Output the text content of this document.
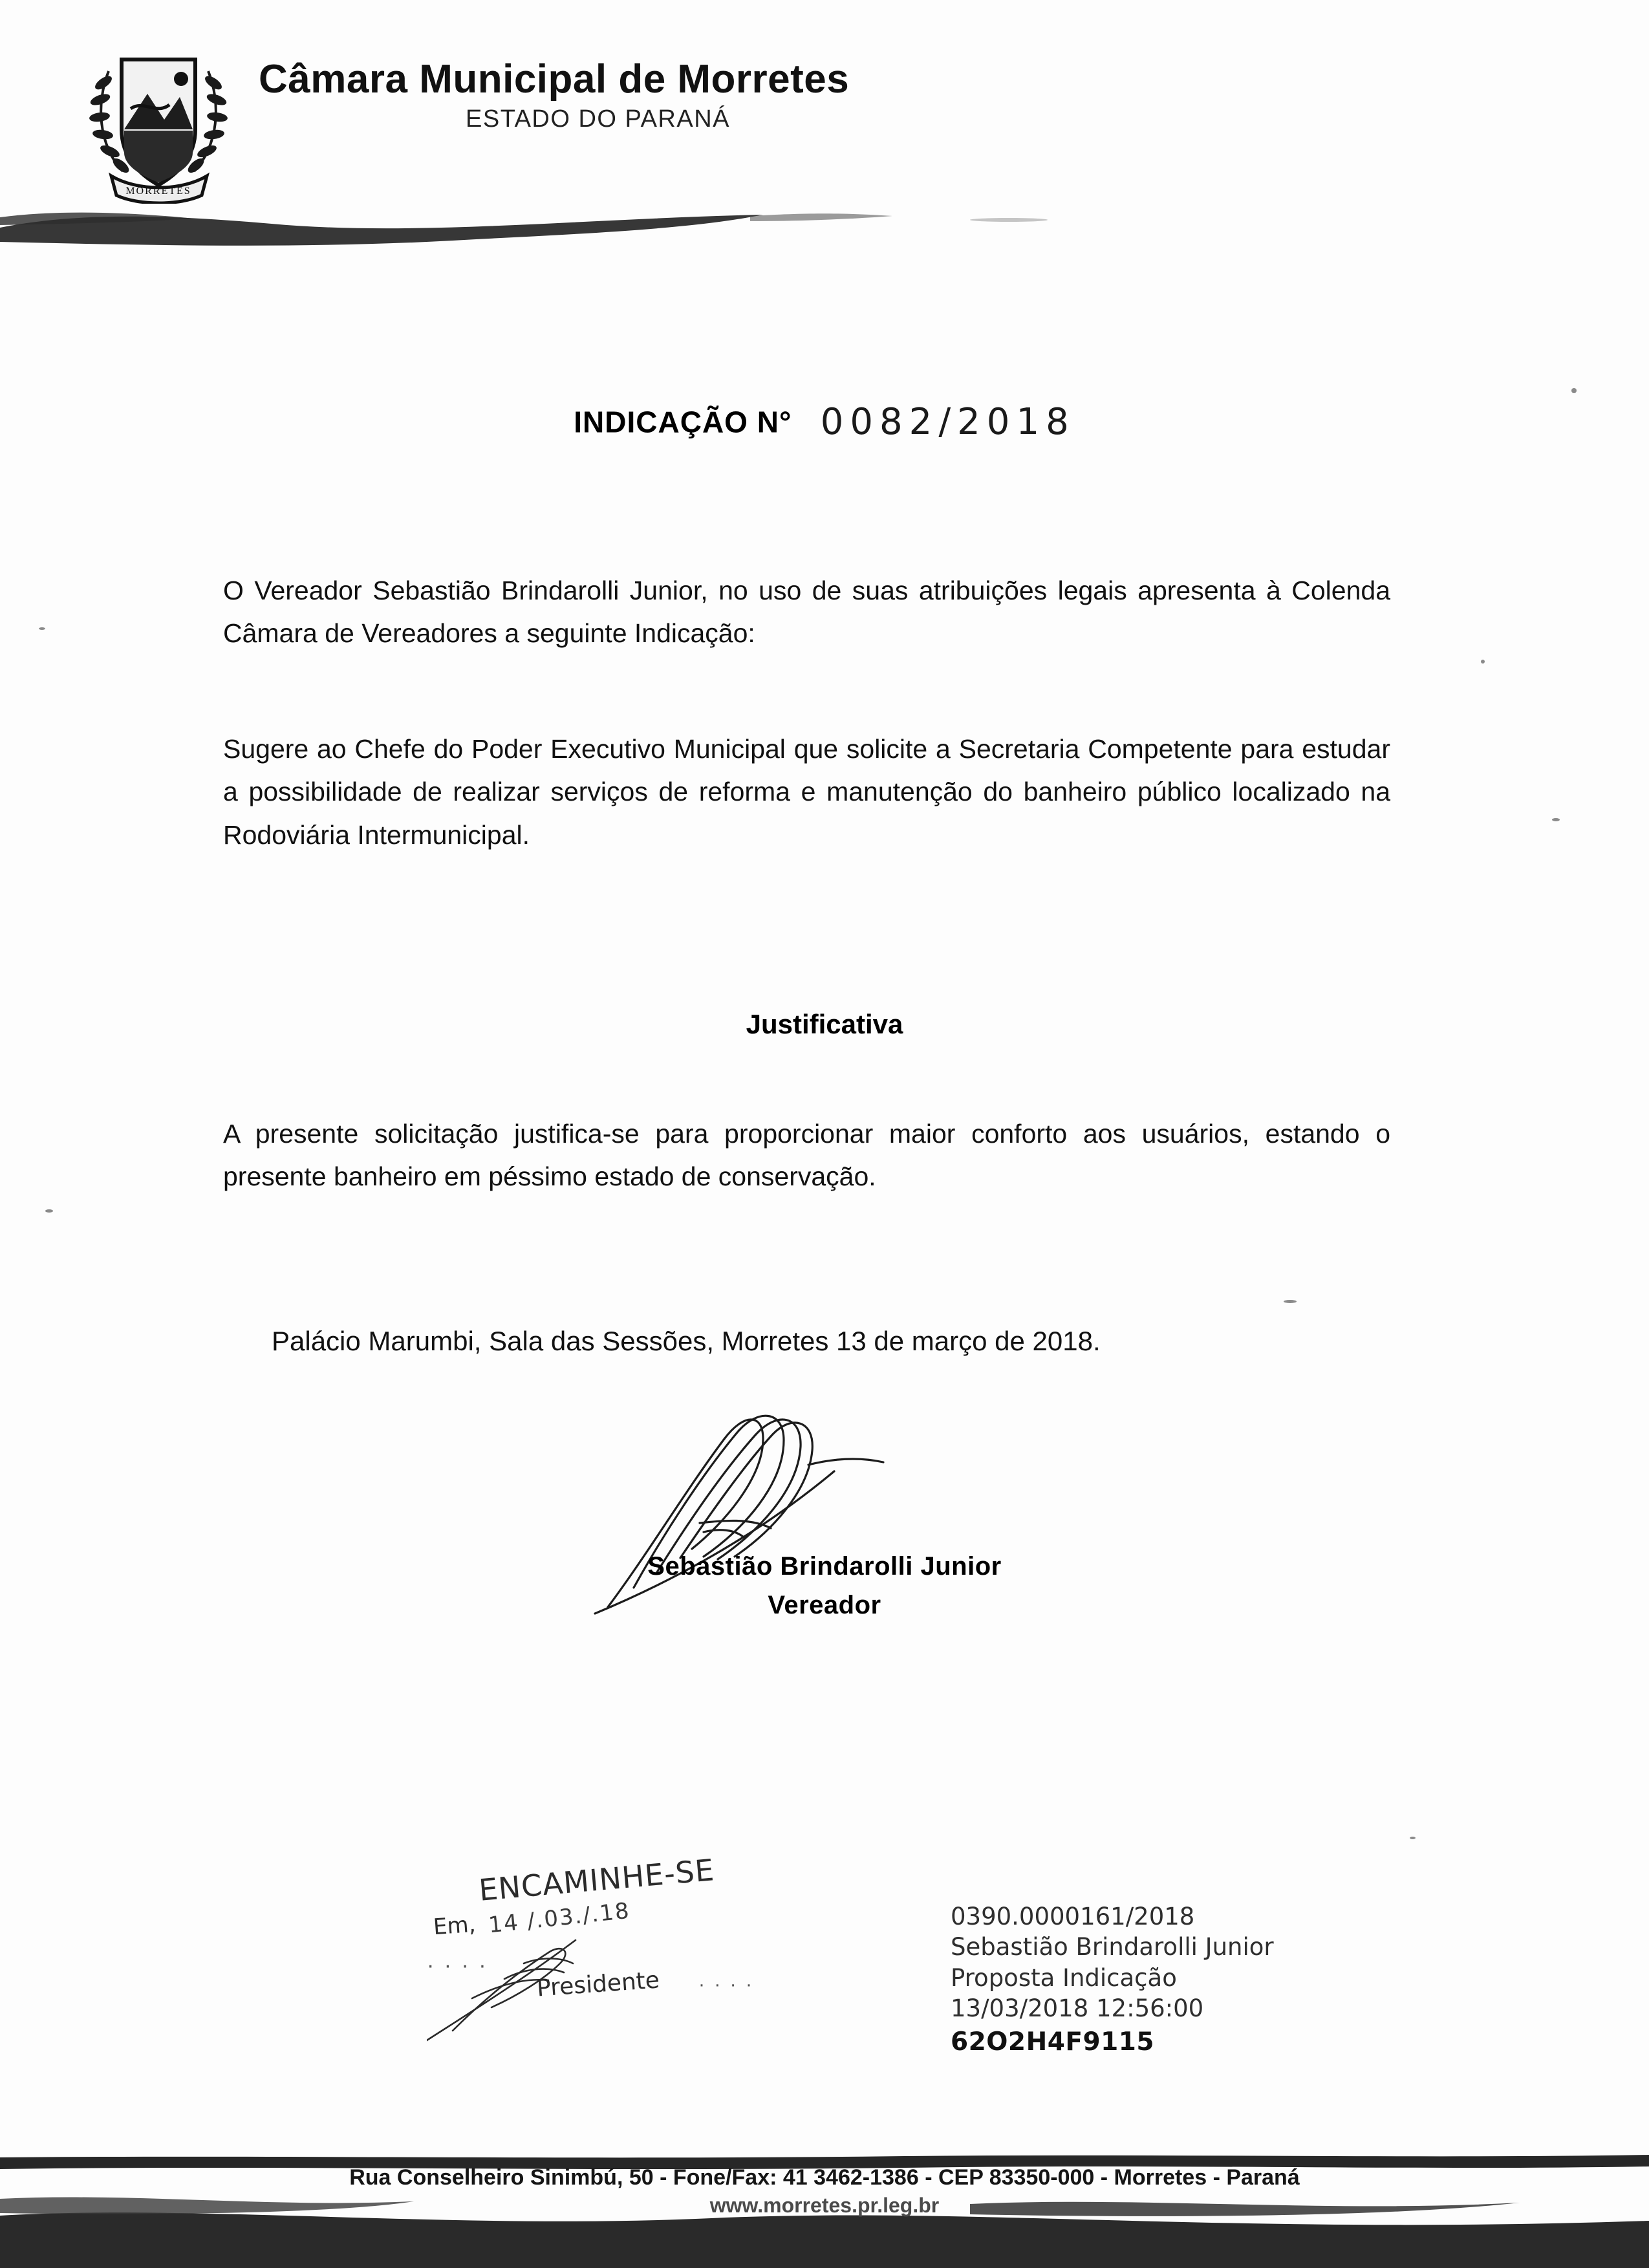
MORRETES
Câmara Municipal de Morretes
ESTADO DO PARANÁ
INDICAÇÃO N° 0082/2018
O Vereador Sebastião Brindarolli Junior, no uso de suas atribuições legais apresenta à Colenda Câmara de Vereadores a seguinte Indicação:
Sugere ao Chefe do Poder Executivo Municipal que solicite a Secretaria Competente para estudar a possibilidade de realizar serviços de reforma e manutenção do banheiro público localizado na Rodoviária Intermunicipal.
Justificativa
A presente solicitação justifica-se para proporcionar maior conforto aos usuários, estando o presente banheiro em péssimo estado de conservação.
Palácio Marumbi, Sala das Sessões, Morretes 13 de março de 2018.
Sebastião Brindarolli Junior
Vereador
ENCAMINHE-SE
Em, 14 /.03./.18
· · · ·
Presidente · · · ·
0390.0000161/2018
Sebastião Brindarolli Junior
Proposta Indicação
13/03/2018 12:56:00
62O2H4F9115
Rua Conselheiro Sinimbú, 50 - Fone/Fax: 41 3462-1386 - CEP 83350-000 - Morretes - Paraná
www.morretes.pr.leg.br
